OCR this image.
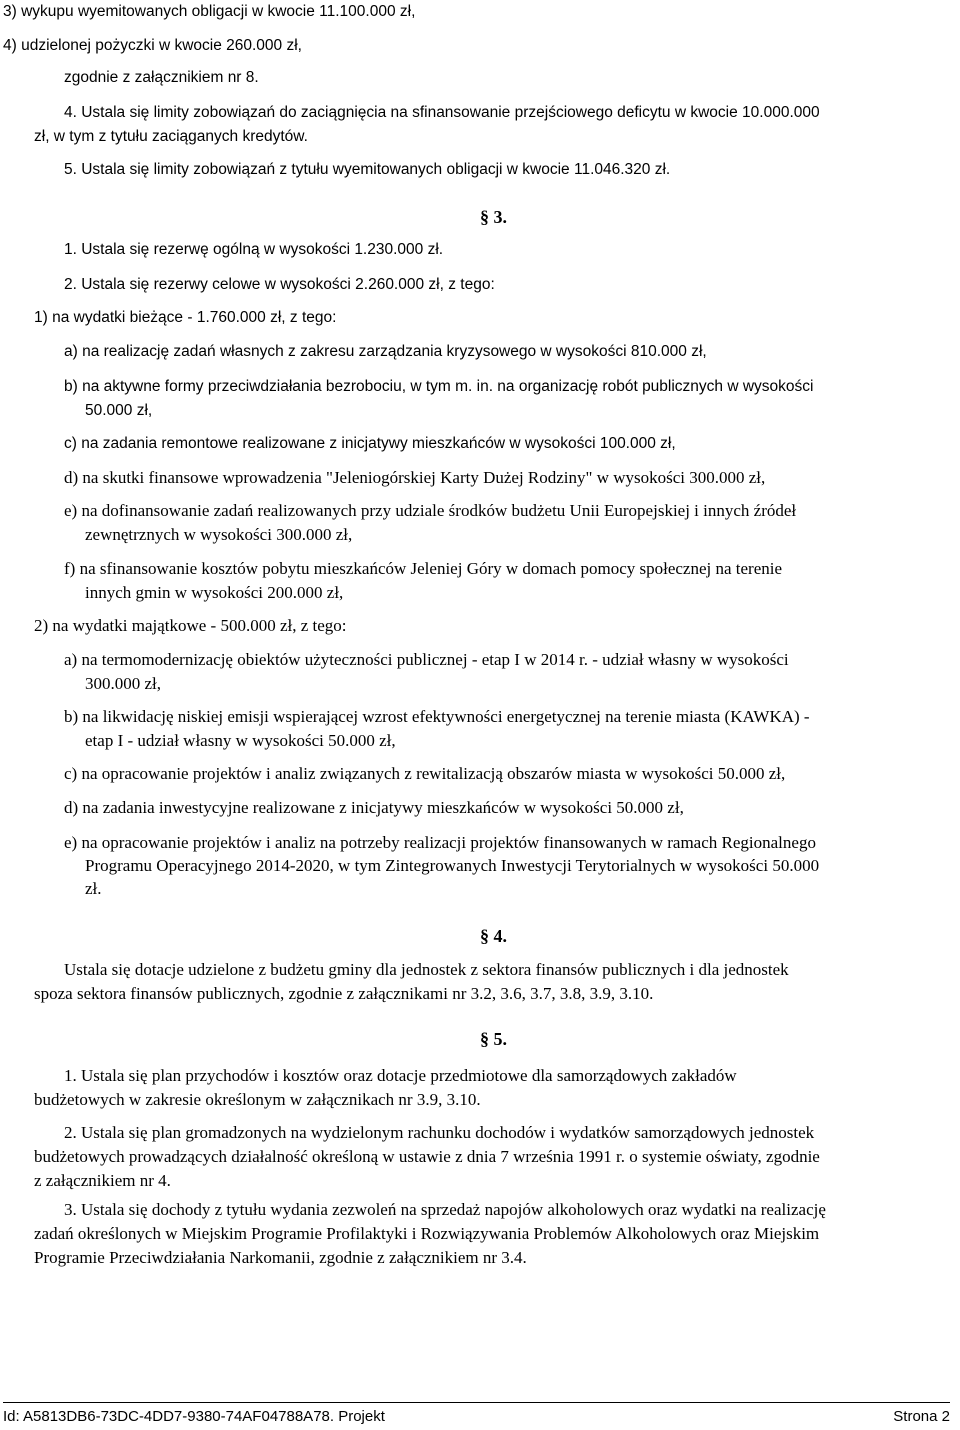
3) wykupu wyemitowanych obligacji w kwocie 11.100.000 zł,
4) udzielonej pożyczki w kwocie 260.000 zł,
zgodnie z załącznikiem nr 8.
4. Ustala się limity zobowiązań do zaciągnięcia na sfinansowanie przejściowego deficytu w kwocie 10.000.000
zł, w tym z tytułu zaciąganych kredytów.
5. Ustala się limity zobowiązań z tytułu wyemitowanych obligacji w kwocie 11.046.320 zł.
§ 3.
1. Ustala się rezerwę ogólną w wysokości 1.230.000 zł.
2. Ustala się rezerwy celowe w wysokości 2.260.000 zł, z tego:
1) na wydatki bieżące - 1.760.000 zł, z tego:
a) na realizację zadań własnych z zakresu zarządzania kryzysowego w wysokości 810.000 zł,
b) na aktywne formy przeciwdziałania bezrobociu, w tym m. in. na organizację robót publicznych w wysokości
50.000 zł,
c) na zadania remontowe realizowane z inicjatywy mieszkańców w wysokości 100.000 zł,
d) na skutki finansowe wprowadzenia "Jeleniogórskiej Karty Dużej Rodziny" w wysokości 300.000 zł,
e) na dofinansowanie zadań realizowanych przy udziale środków budżetu Unii Europejskiej i innych źródeł
zewnętrznych w wysokości 300.000 zł,
f) na sfinansowanie kosztów pobytu mieszkańców Jeleniej Góry w domach pomocy społecznej na terenie
innych gmin w wysokości 200.000 zł,
2) na wydatki majątkowe - 500.000 zł, z tego:
a) na termomodernizację obiektów użyteczności publicznej - etap I w 2014 r. - udział własny w wysokości
300.000 zł,
b) na likwidację niskiej emisji wspierającej wzrost efektywności energetycznej na terenie miasta (KAWKA) -
etap I - udział własny w wysokości 50.000 zł,
c) na opracowanie projektów i analiz związanych z rewitalizacją obszarów miasta w wysokości 50.000 zł,
d) na zadania inwestycyjne realizowane z inicjatywy mieszkańców w wysokości 50.000 zł,
e) na opracowanie projektów i analiz na potrzeby realizacji projektów finansowanych w ramach Regionalnego
Programu Operacyjnego 2014-2020, w tym Zintegrowanych Inwestycji Terytorialnych w wysokości 50.000
zł.
§ 4.
Ustala się dotacje udzielone z budżetu gminy dla jednostek z sektora finansów publicznych i dla jednostek
spoza sektora finansów publicznych, zgodnie z załącznikami nr 3.2, 3.6, 3.7, 3.8, 3.9, 3.10.
§ 5.
1. Ustala się plan przychodów i kosztów oraz dotacje przedmiotowe dla samorządowych zakładów
budżetowych w zakresie określonym w załącznikach nr 3.9, 3.10.
2. Ustala się plan gromadzonych na wydzielonym rachunku dochodów i wydatków samorządowych jednostek
budżetowych prowadzących działalność określoną w ustawie z dnia 7 września 1991 r. o systemie oświaty, zgodnie
z załącznikiem nr 4.
3. Ustala się dochody z tytułu wydania zezwoleń na sprzedaż napojów alkoholowych oraz wydatki na realizację
zadań określonych w Miejskim Programie Profilaktyki i Rozwiązywania Problemów Alkoholowych oraz Miejskim
Programie Przeciwdziałania Narkomanii, zgodnie z załącznikiem nr 3.4.
Id: A5813DB6-73DC-4DD7-9380-74AF04788A78. Projekt	Strona 2
